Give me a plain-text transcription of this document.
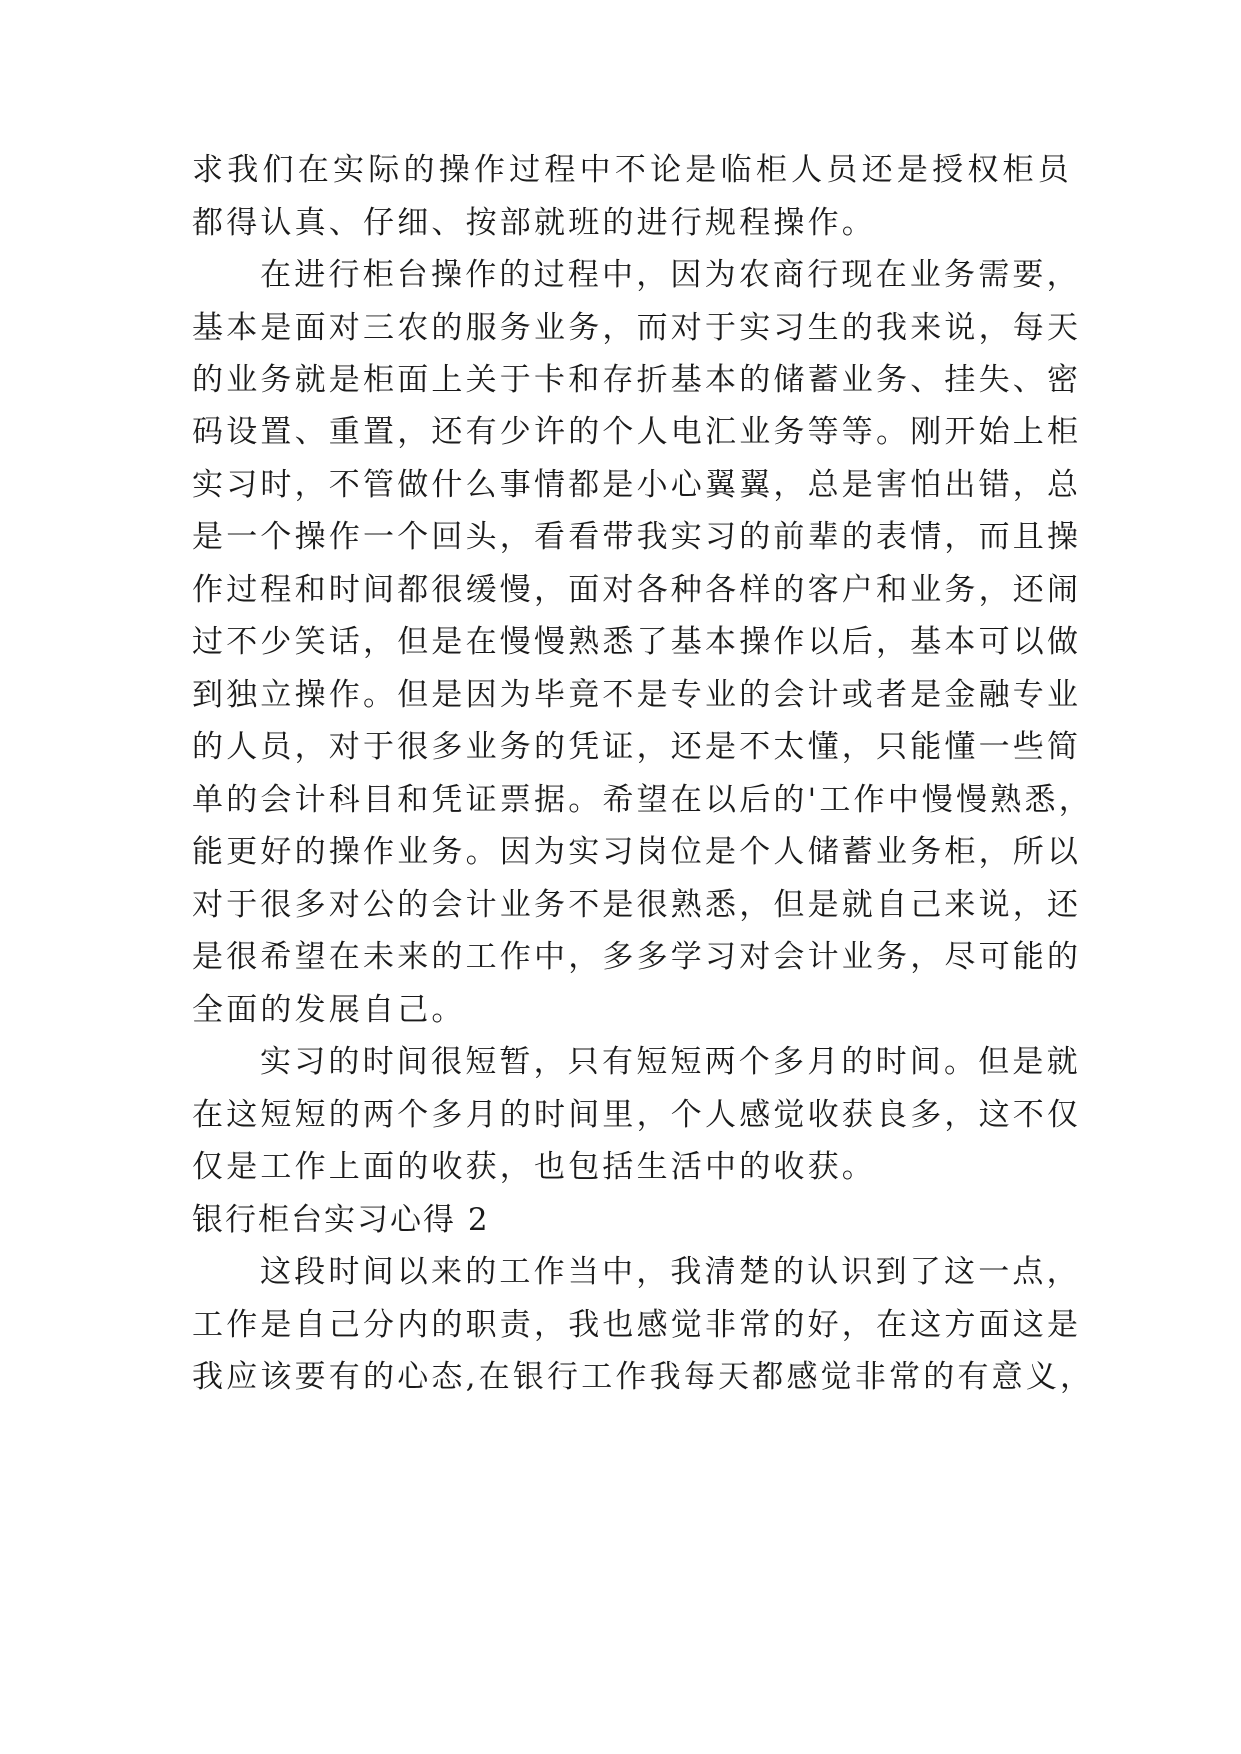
求我们在实际的操作过程中不论是临柜人员还是授权柜员
都得认真、仔细、按部就班的进行规程操作。
在进行柜台操作的过程中，因为农商行现在业务需要，
基本是面对三农的服务业务，而对于实习生的我来说，每天
的业务就是柜面上关于卡和存折基本的储蓄业务、挂失、密
码设置、重置，还有少许的个人电汇业务等等。刚开始上柜
实习时，不管做什么事情都是小心翼翼，总是害怕出错，总
是一个操作一个回头，看看带我实习的前辈的表情，而且操
作过程和时间都很缓慢，面对各种各样的客户和业务，还闹
过不少笑话，但是在慢慢熟悉了基本操作以后，基本可以做
到独立操作。但是因为毕竟不是专业的会计或者是金融专业
的人员，对于很多业务的凭证，还是不太懂，只能懂一些简
单的会计科目和凭证票据。希望在以后的'工作中慢慢熟悉，
能更好的操作业务。因为实习岗位是个人储蓄业务柜，所以
对于很多对公的会计业务不是很熟悉，但是就自己来说，还
是很希望在未来的工作中，多多学习对会计业务，尽可能的
全面的发展自己。
实习的时间很短暂，只有短短两个多月的时间。但是就
在这短短的两个多月的时间里，个人感觉收获良多，这不仅
仅是工作上面的收获，也包括生活中的收获。
银行柜台实习心得 2
这段时间以来的工作当中，我清楚的认识到了这一点，
工作是自己分内的职责，我也感觉非常的好，在这方面这是
我应该要有的心态,在银行工作我每天都感觉非常的有意义，
